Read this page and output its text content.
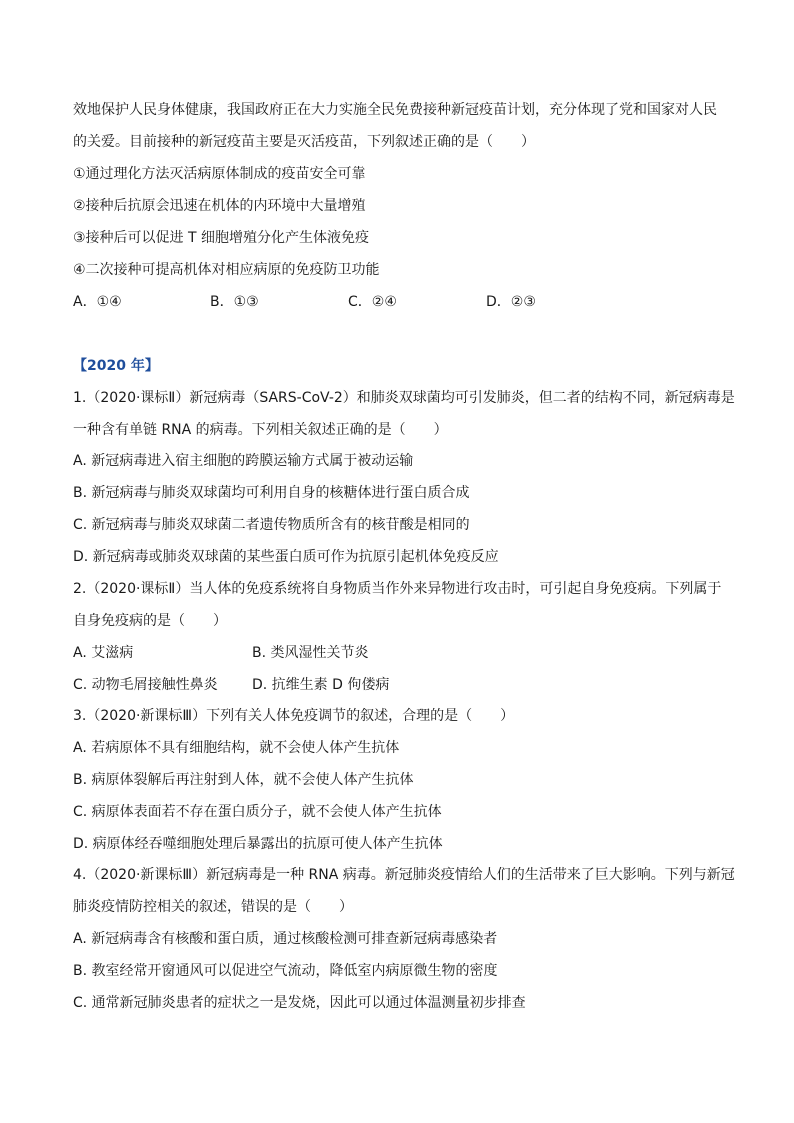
效地保护人民身体健康，我国政府正在大力实施全民免费接种新冠疫苗计划，充分体现了党和国家对人民
的关爱。目前接种的新冠疫苗主要是灭活疫苗，下列叙述正确的是（　　）
①通过理化方法灭活病原体制成的疫苗安全可靠
②接种后抗原会迅速在机体的内环境中大量增殖
③接种后可以促进 T 细胞增殖分化产生体液免疫
④二次接种可提高机体对相应病原的免疫防卫功能
A．①④	B．①③	C．②④	D．②③
【2020 年】
1.（2020·课标Ⅱ）新冠病毒（SARS-CoV-2）和肺炎双球菌均可引发肺炎，但二者的结构不同，新冠病毒是
一种含有单链 RNA 的病毒。下列相关叙述正确的是（　　）
A. 新冠病毒进入宿主细胞的跨膜运输方式属于被动运输
B. 新冠病毒与肺炎双球菌均可利用自身的核糖体进行蛋白质合成
C. 新冠病毒与肺炎双球菌二者遗传物质所含有的核苷酸是相同的
D. 新冠病毒或肺炎双球菌的某些蛋白质可作为抗原引起机体免疫反应
2.（2020·课标Ⅱ）当人体的免疫系统将自身物质当作外来异物进行攻击时，可引起自身免疫病。下列属于
自身免疫病的是（　　）
A. 艾滋病	B. 类风湿性关节炎
C. 动物毛屑接触性鼻炎 D. 抗维生素 D 佝偻病
3.（2020·新课标Ⅲ）下列有关人体免疫调节的叙述，合理的是（　　）
A. 若病原体不具有细胞结构，就不会使人体产生抗体
B. 病原体裂解后再注射到人体，就不会使人体产生抗体
C. 病原体表面若不存在蛋白质分子，就不会使人体产生抗体
D. 病原体经吞噬细胞处理后暴露出的抗原可使人体产生抗体
4.（2020·新课标Ⅲ）新冠病毒是一种 RNA 病毒。新冠肺炎疫情给人们的生活带来了巨大影响。下列与新冠
肺炎疫情防控相关的叙述，错误的是（　　）
A. 新冠病毒含有核酸和蛋白质，通过核酸检测可排查新冠病毒感染者
B. 教室经常开窗通风可以促进空气流动，降低室内病原微生物的密度
C. 通常新冠肺炎患者的症状之一是发烧，因此可以通过体温测量初步排查
